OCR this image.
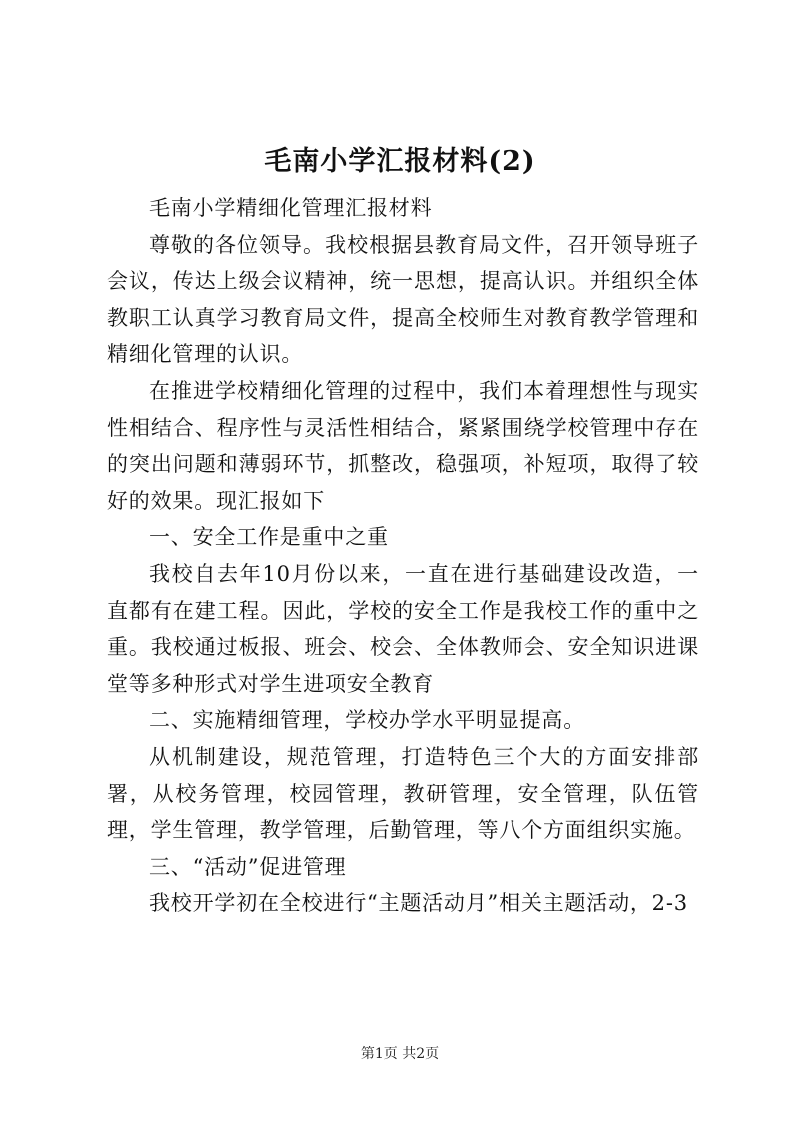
毛南小学汇报材料(2)

毛南小学精细化管理汇报材料

尊敬的各位领导。我校根据县教育局文件，召开领导班子会议，传达上级会议精神，统一思想，提高认识。并组织全体教职工认真学习教育局文件，提高全校师生对教育教学管理和精细化管理的认识。

在推进学校精细化管理的过程中，我们本着理想性与现实性相结合、程序性与灵活性相结合，紧紧围绕学校管理中存在的突出问题和薄弱环节，抓整改，稳强项，补短项，取得了较好的效果。现汇报如下

一、安全工作是重中之重

我校自去年10月份以来，一直在进行基础建设改造，一直都有在建工程。因此，学校的安全工作是我校工作的重中之重。我校通过板报、班会、校会、全体教师会、安全知识进课堂等多种形式对学生进项安全教育

二、实施精细管理，学校办学水平明显提高。

从机制建设，规范管理，打造特色三个大的方面安排部署，从校务管理，校园管理，教研管理，安全管理，队伍管理，学生管理，教学管理，后勤管理，等八个方面组织实施。

三、“活动”促进管理

我校开学初在全校进行“主题活动月”相关主题活动，2-3

第1页 共2页
